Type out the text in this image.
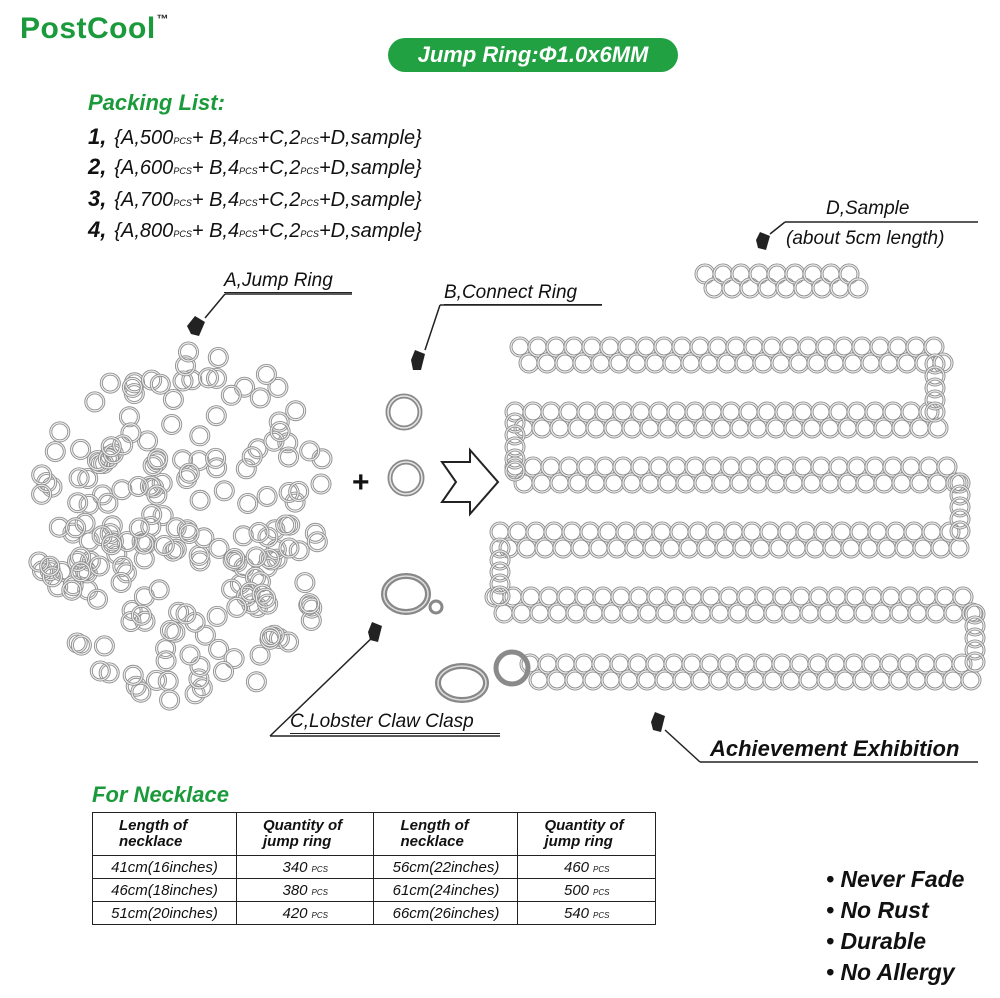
PostCool™
Jump Ring:Φ1.0x6MM
Packing List:
1, {A,500PCS+ B,4PCS+C,2PCS+D,sample}
2, {A,600PCS+ B,4PCS+C,2PCS+D,sample}
3, {A,700PCS+ B,4PCS+C,2PCS+D,sample}
4, {A,800PCS+ B,4PCS+C,2PCS+D,sample}
A,Jump Ring
B,Connect Ring
C,Lobster Claw Clasp
D,Sample
(about 5cm length)
+
Achievement Exhibition
For Necklace
Length of necklace	Quantity of jump ring	Length of necklace	Quantity of jump ring
41cm(16inches)	340 PCS	56cm(22inches)	460 PCS
46cm(18inches)	380 PCS	61cm(24inches)	500 PCS
51cm(20inches)	420 PCS	66cm(26inches)	540 PCS
• Never Fade
• No Rust
• Durable
• No Allergy
